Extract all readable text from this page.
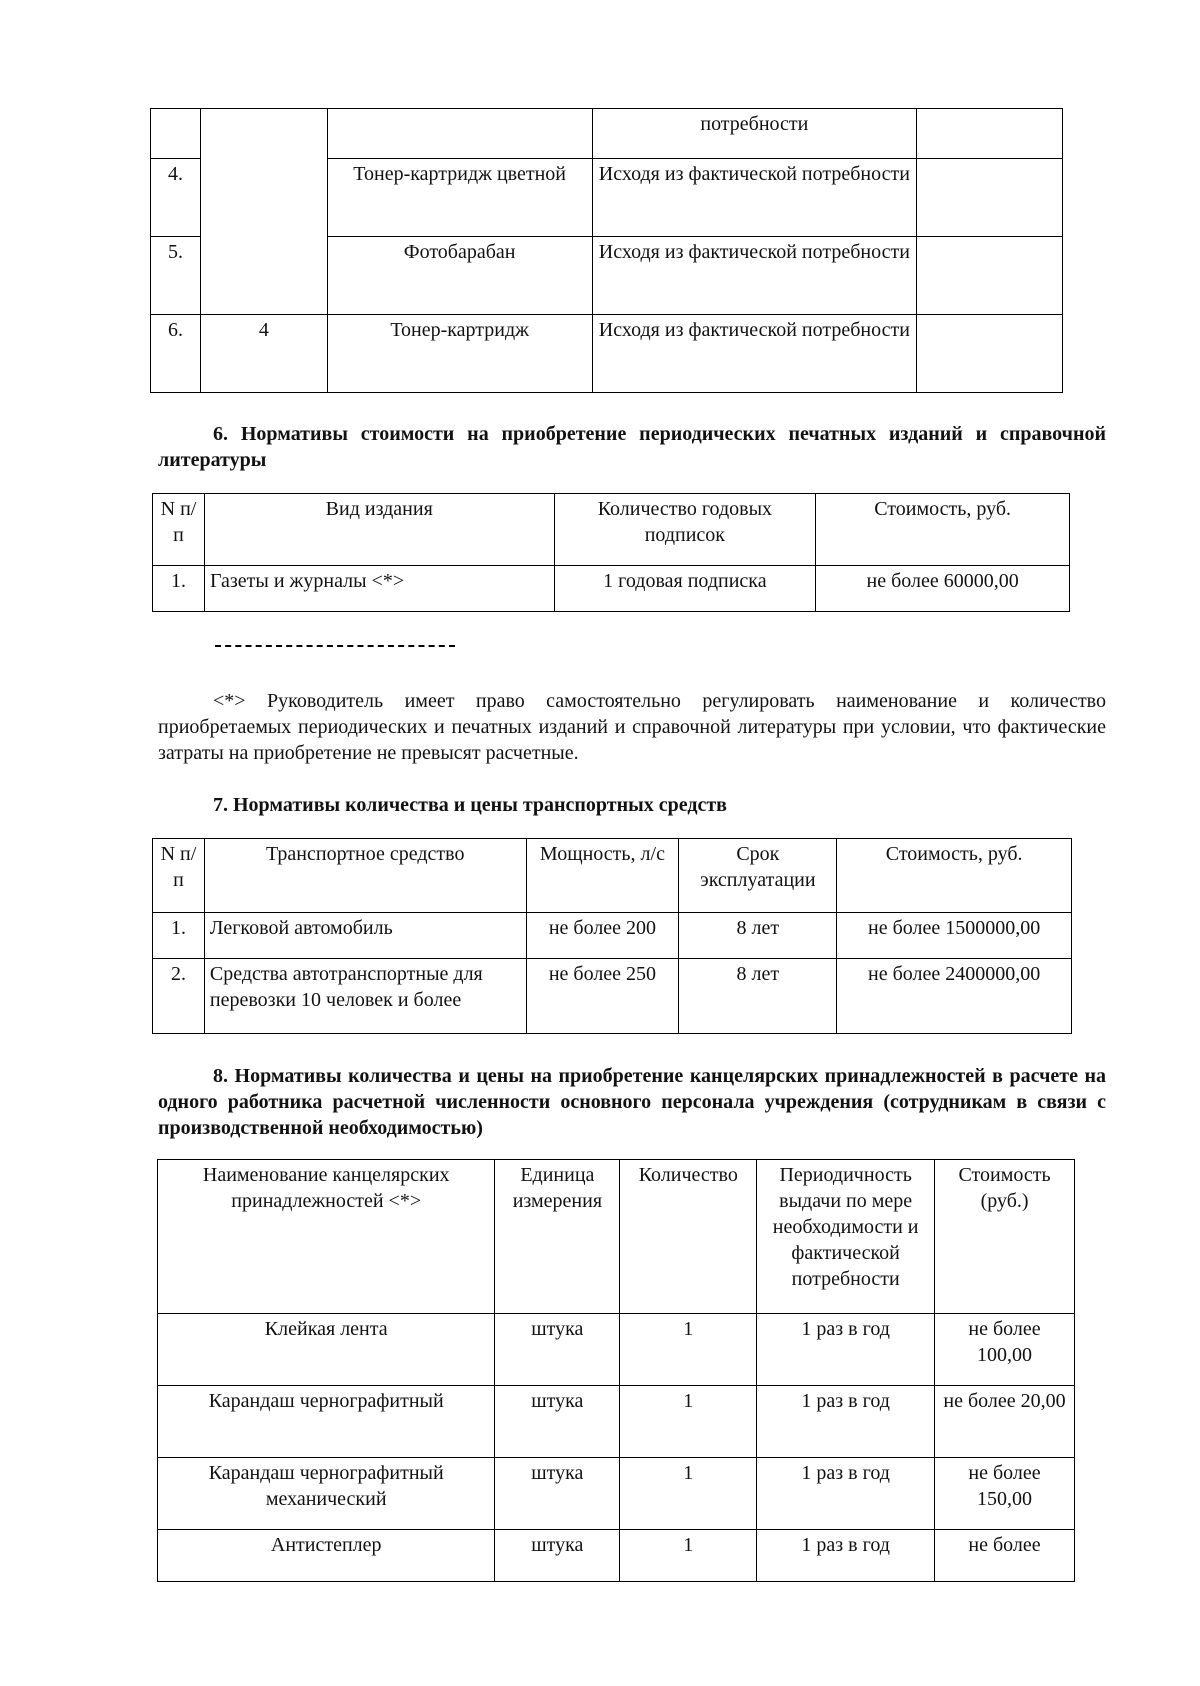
			потребности	
4.		Тонер-картридж цветной	Исходя из фактической потребности	
5.		Фотобарабан	Исходя из фактической потребности	
6.	4	Тонер-картридж	Исходя из фактической потребности	
6. Нормативы стоимости на приобретение периодических печатных изданий и справочной литературы
N п/п	Вид издания	Количество годовых подписок	Стоимость, руб.
1.	Газеты и журналы <*>	1 годовая подписка	не более 60000,00
<*> Руководитель имеет право самостоятельно регулировать наименование и количество приобретаемых периодических и печатных изданий и справочной литературы при условии, что фактические затраты на приобретение не превысят расчетные.
7. Нормативы количества и цены транспортных средств
N п/п	Транспортное средство	Мощность, л/с	Срок эксплуатации	Стоимость, руб.
1.	Легковой автомобиль	не более 200	8 лет	не более 1500000,00
2.	Средства автотранспортные для перевозки 10 человек и более	не более 250	8 лет	не более 2400000,00
8. Нормативы количества и цены на приобретение канцелярских принадлежностей в расчете на одного работника расчетной численности основного персонала учреждения (сотрудникам в связи с производственной необходимостью)
Наименование канцелярских принадлежностей <*>	Единица измерения	Количество	Периодичность выдачи по мере необходимости и фактической потребности	Стоимость (руб.)
Клейкая лента	штука	1	1 раз в год	не более 100,00
Карандаш чернографитный	штука	1	1 раз в год	не более 20,00
Карандаш чернографитный механический	штука	1	1 раз в год	не более 150,00
Антистеплер	штука	1	1 раз в год	не более
